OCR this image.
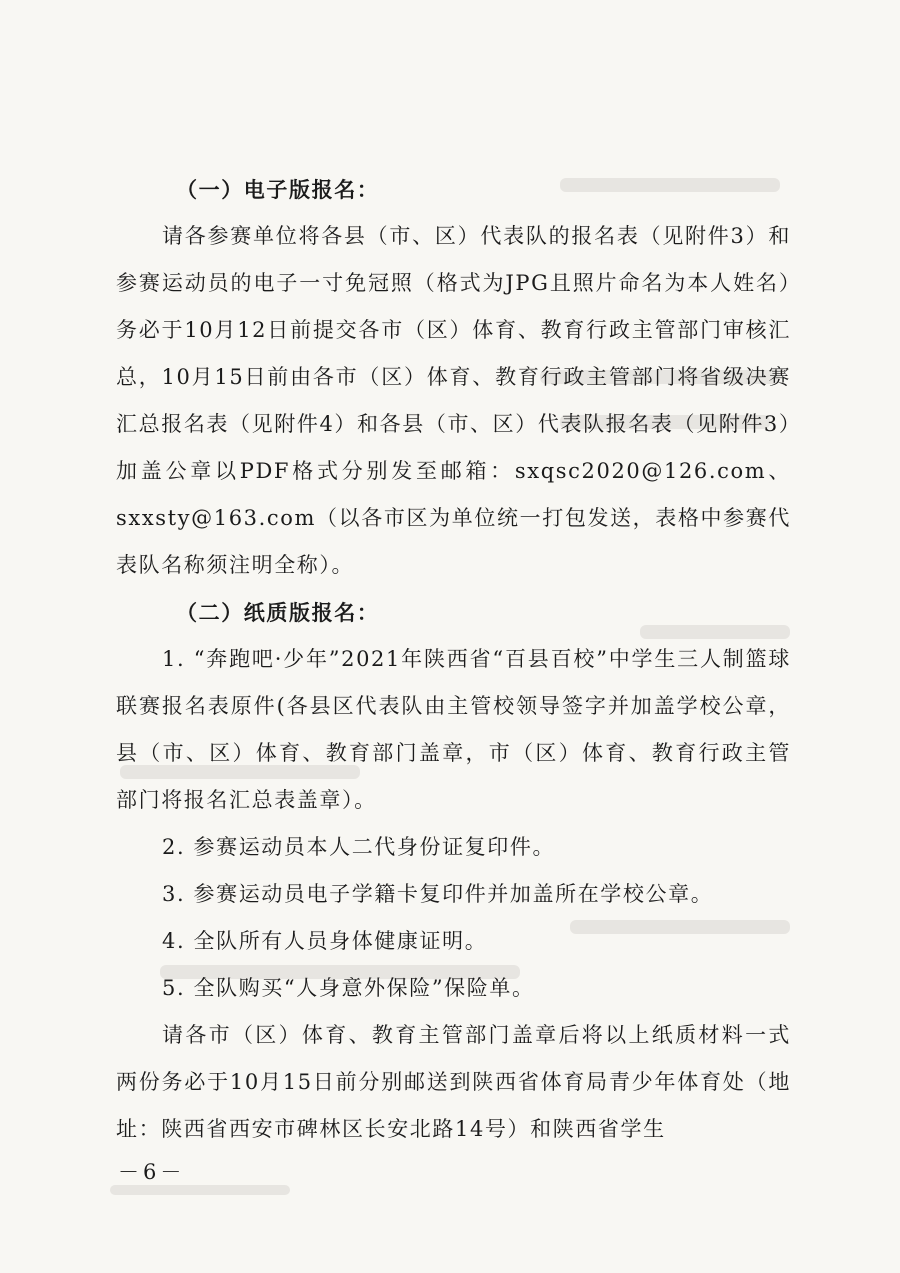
（一）电子版报名：

请各参赛单位将各县（市、区）代表队的报名表（见附件3）和参赛运动员的电子一寸免冠照（格式为JPG且照片命名为本人姓名）务必于10月12日前提交各市（区）体育、教育行政主管部门审核汇总，10月15日前由各市（区）体育、教育行政主管部门将省级决赛汇总报名表（见附件4）和各县（市、区）代表队报名表（见附件3）加盖公章以PDF格式分别发至邮箱：sxqsc2020@126.com、sxxsty@163.com（以各市区为单位统一打包发送，表格中参赛代表队名称须注明全称）。

（二）纸质版报名：

1. “奔跑吧·少年”2021年陕西省“百县百校”中学生三人制篮球联赛报名表原件(各县区代表队由主管校领导签字并加盖学校公章，县（市、区）体育、教育部门盖章，市（区）体育、教育行政主管部门将报名汇总表盖章）。

2. 参赛运动员本人二代身份证复印件。

3. 参赛运动员电子学籍卡复印件并加盖所在学校公章。

4. 全队所有人员身体健康证明。

5. 全队购买“人身意外保险”保险单。

请各市（区）体育、教育主管部门盖章后将以上纸质材料一式两份务必于10月15日前分别邮送到陕西省体育局青少年体育处（地址：陕西省西安市碑林区长安北路14号）和陕西省学生

－6－
